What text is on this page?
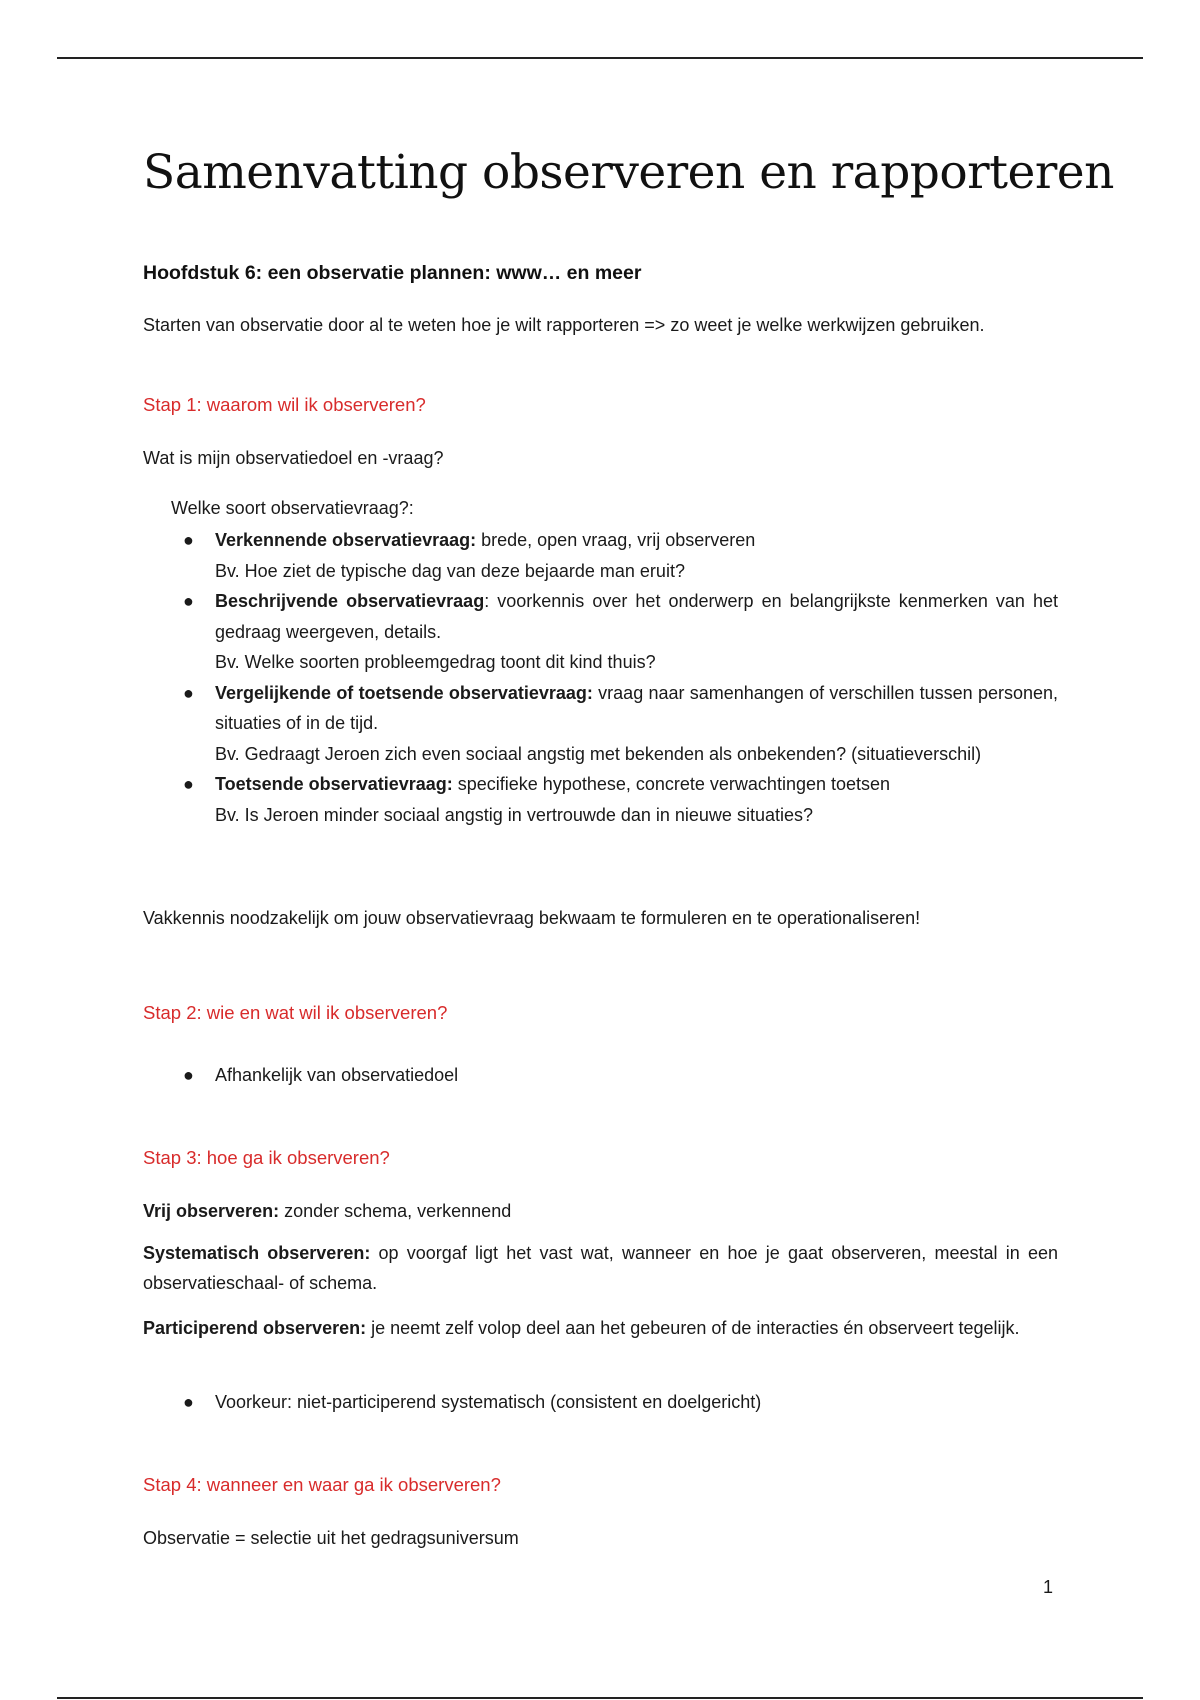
Samenvatting observeren en rapporteren

Hoofdstuk 6: een observatie plannen: www… en meer

Starten van observatie door al te weten hoe je wilt rapporteren => zo weet je welke werkwijzen gebruiken.

Stap 1: waarom wil ik observeren?

Wat is mijn observatiedoel en -vraag?

Welke soort observatievraag?:

● Verkennende observatievraag: brede, open vraag, vrij observeren
Bv. Hoe ziet de typische dag van deze bejaarde man eruit?
● Beschrijvende observatievraag: voorkennis over het onderwerp en belangrijkste kenmerken van het gedraag weergeven, details.
Bv. Welke soorten probleemgedrag toont dit kind thuis?
● Vergelijkende of toetsende observatievraag: vraag naar samenhangen of verschillen tussen personen, situaties of in de tijd.
Bv. Gedraagt Jeroen zich even sociaal angstig met bekenden als onbekenden? (situatieverschil)
● Toetsende observatievraag: specifieke hypothese, concrete verwachtingen toetsen
Bv. Is Jeroen minder sociaal angstig in vertrouwde dan in nieuwe situaties?

Vakkennis noodzakelijk om jouw observatievraag bekwaam te formuleren en te operationaliseren!

Stap 2: wie en wat wil ik observeren?

● Afhankelijk van observatiedoel

Stap 3: hoe ga ik observeren?

Vrij observeren: zonder schema, verkennend

Systematisch observeren: op voorgaf ligt het vast wat, wanneer en hoe je gaat observeren, meestal in een observatieschaal- of schema.

Participerend observeren: je neemt zelf volop deel aan het gebeuren of de interacties én observeert tegelijk.

● Voorkeur: niet-participerend systematisch (consistent en doelgericht)

Stap 4: wanneer en waar ga ik observeren?

Observatie = selectie uit het gedragsuniversum

1
